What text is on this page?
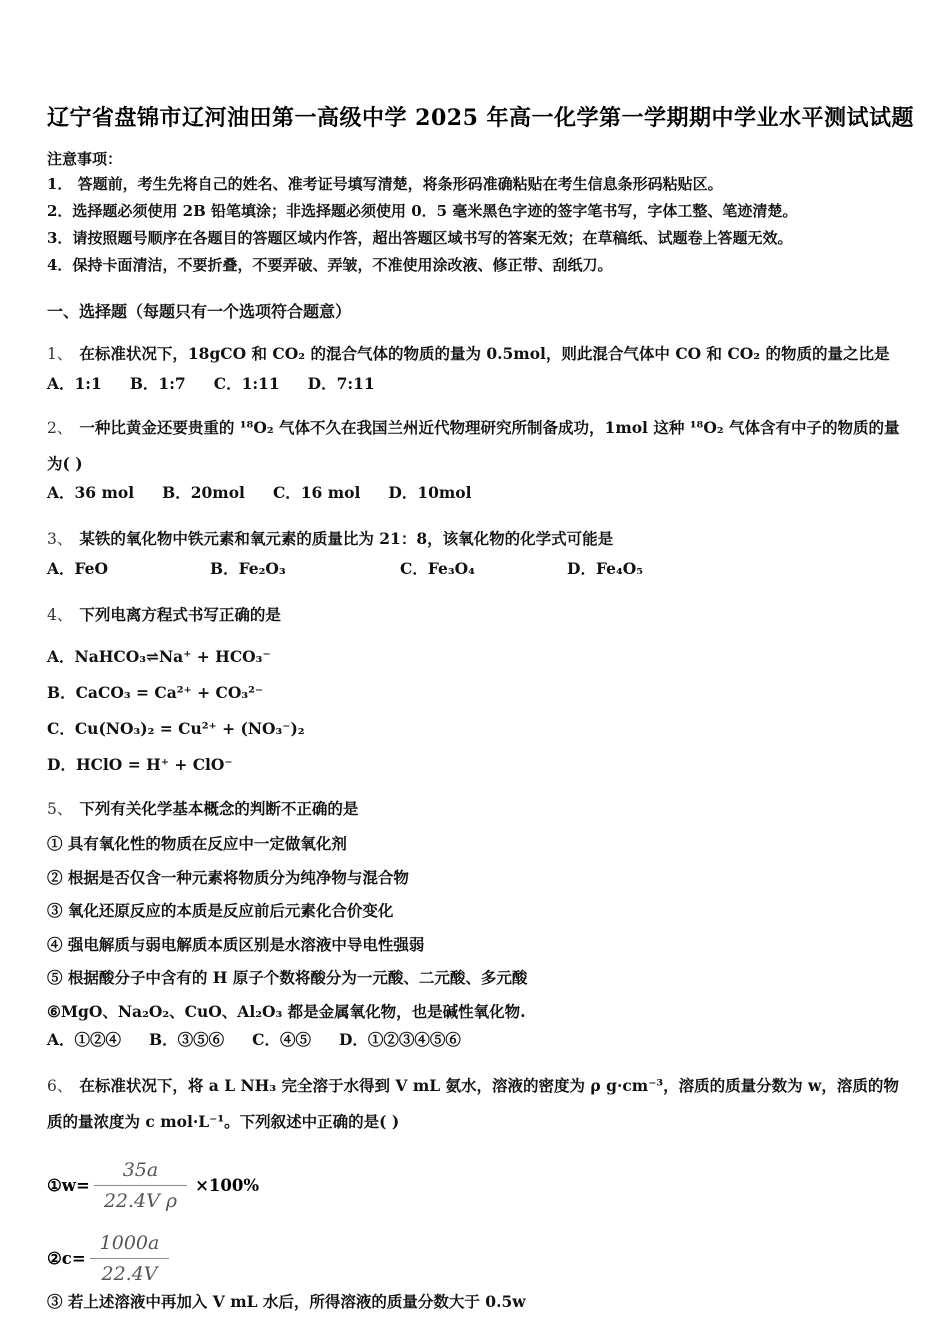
辽宁省盘锦市辽河油田第一高级中学 2025 年高一化学第一学期期中学业水平测试试题
注意事项：
1． 答题前，考生先将自己的姓名、准考证号填写清楚，将条形码准确粘贴在考生信息条形码粘贴区。
2．选择题必须使用 2B 铅笔填涂；非选择题必须使用 0．5 毫米黑色字迹的签字笔书写，字体工整、笔迹清楚。
3．请按照题号顺序在各题目的答题区域内作答，超出答题区域书写的答案无效；在草稿纸、试题卷上答题无效。
4．保持卡面清洁，不要折叠，不要弄破、弄皱，不准使用涂改液、修正带、刮纸刀。
一、选择题（每题只有一个选项符合题意）

1、 在标准状况下，18gCO 和 CO₂ 的混合气体的物质的量为 0.5mol，则此混合气体中 CO 和 CO₂ 的物质的量之比是

A．1:1 B．1:7 C．1:11 D．7:11

2、 一种比黄金还要贵重的 ¹⁸O₂ 气体不久在我国兰州近代物理研究所制备成功，1mol 这种 ¹⁸O₂ 气体含有中子的物质的量为( )

A．36 mol B．20mol C．16 mol D．10mol

3、 某铁的氧化物中铁元素和氧元素的质量比为 21：8，该氧化物的化学式可能是

A．FeO	B．Fe₂O₃	C．Fe₃O₄	D．Fe₄O₅

4、 下列电离方程式书写正确的是

A．NaHCO₃⇌Na⁺ + HCO₃⁻

B．CaCO₃ = Ca²⁺ + CO₃²⁻

C．Cu(NO₃)₂ = Cu²⁺ + (NO₃⁻)₂

D．HClO = H⁺ + ClO⁻

5、 下列有关化学基本概念的判断不正确的是

① 具有氧化性的物质在反应中一定做氧化剂

② 根据是否仅含一种元素将物质分为纯净物与混合物

③ 氧化还原反应的本质是反应前后元素化合价变化

④ 强电解质与弱电解质本质区别是水溶液中导电性强弱

⑤ 根据酸分子中含有的 H 原子个数将酸分为一元酸、二元酸、多元酸

⑥MgO、Na₂O₂、CuO、Al₂O₃ 都是金属氧化物，也是碱性氧化物.

A．①②④ B．③⑤⑥ C．④⑤ D．①②③④⑤⑥

6、 在标准状况下，将 a L NH₃ 完全溶于水得到 V mL 氨水，溶液的密度为 ρ g·cm⁻³，溶质的质量分数为 w，溶质的物质的量浓度为 c mol·L⁻¹。下列叙述中正确的是( )

①w= $\frac{35a}{\text{22.4V ρ}} \times 100\%$
②c= $\frac{1000a}{22.4V}$

③ 若上述溶液中再加入 V mL 水后，所得溶液的质量分数大于 0.5w
